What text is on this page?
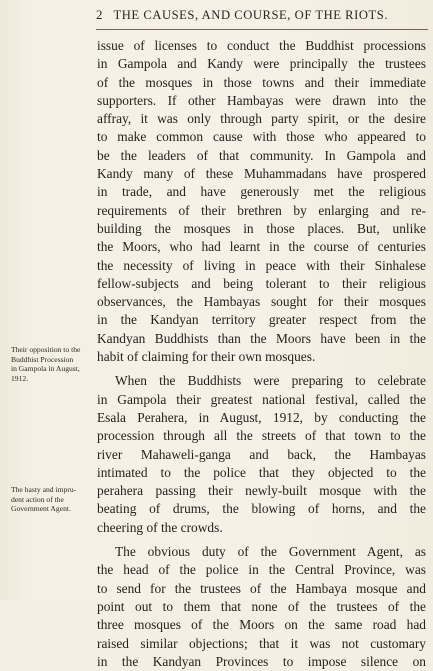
2 THE CAUSES, AND COURSE, OF THE RIOTS.
issue of licenses to conduct the Buddhist processions
in Gampola and Kandy were principally the trustees
of the mosques in those towns and their immediate
supporters. If other Hambayas were drawn into the
affray, it was only through party spirit, or the desire
to make common cause with those who appeared to
be the leaders of that community. In Gampola and
Kandy many of these Muhammadans have prospered
in trade, and have generously met the religious
requirements of their brethren by enlarging and re-
building the mosques in those places. But, unlike
the Moors, who had learnt in the course of centuries
the necessity of living in peace with their Sinhalese
fellow-subjects and being tolerant to their religious
observances, the Hambayas sought for their mosques
in the Kandyan territory greater respect from the
Kandyan Buddhists than the Moors have been in the
habit of claiming for their own mosques.
When the Buddhists were preparing to celebrate
in Gampola their greatest national festival, called the
Esala Perahera, in August, 1912, by conducting the
procession through all the streets of that town to the
river Mahaweli-ganga and back, the Hambayas
intimated to the police that they objected to the
perahera passing their newly-built mosque with the
beating of drums, the blowing of horns, and the
cheering of the crowds.
The obvious duty of the Government Agent, as
the head of the police in the Central Province, was
to send for the trustees of the Hambaya mosque and
point out to them that none of the trustees of the
three mosques of the Moors on the same road had
raised similar objections; that it was not customary
in the Kandyan Provinces to impose silence on
Their opposition to the
Buddhist Procession
in Gampola in August,
1912.
The hasty and impru-
dent action of the
Government Agent.
